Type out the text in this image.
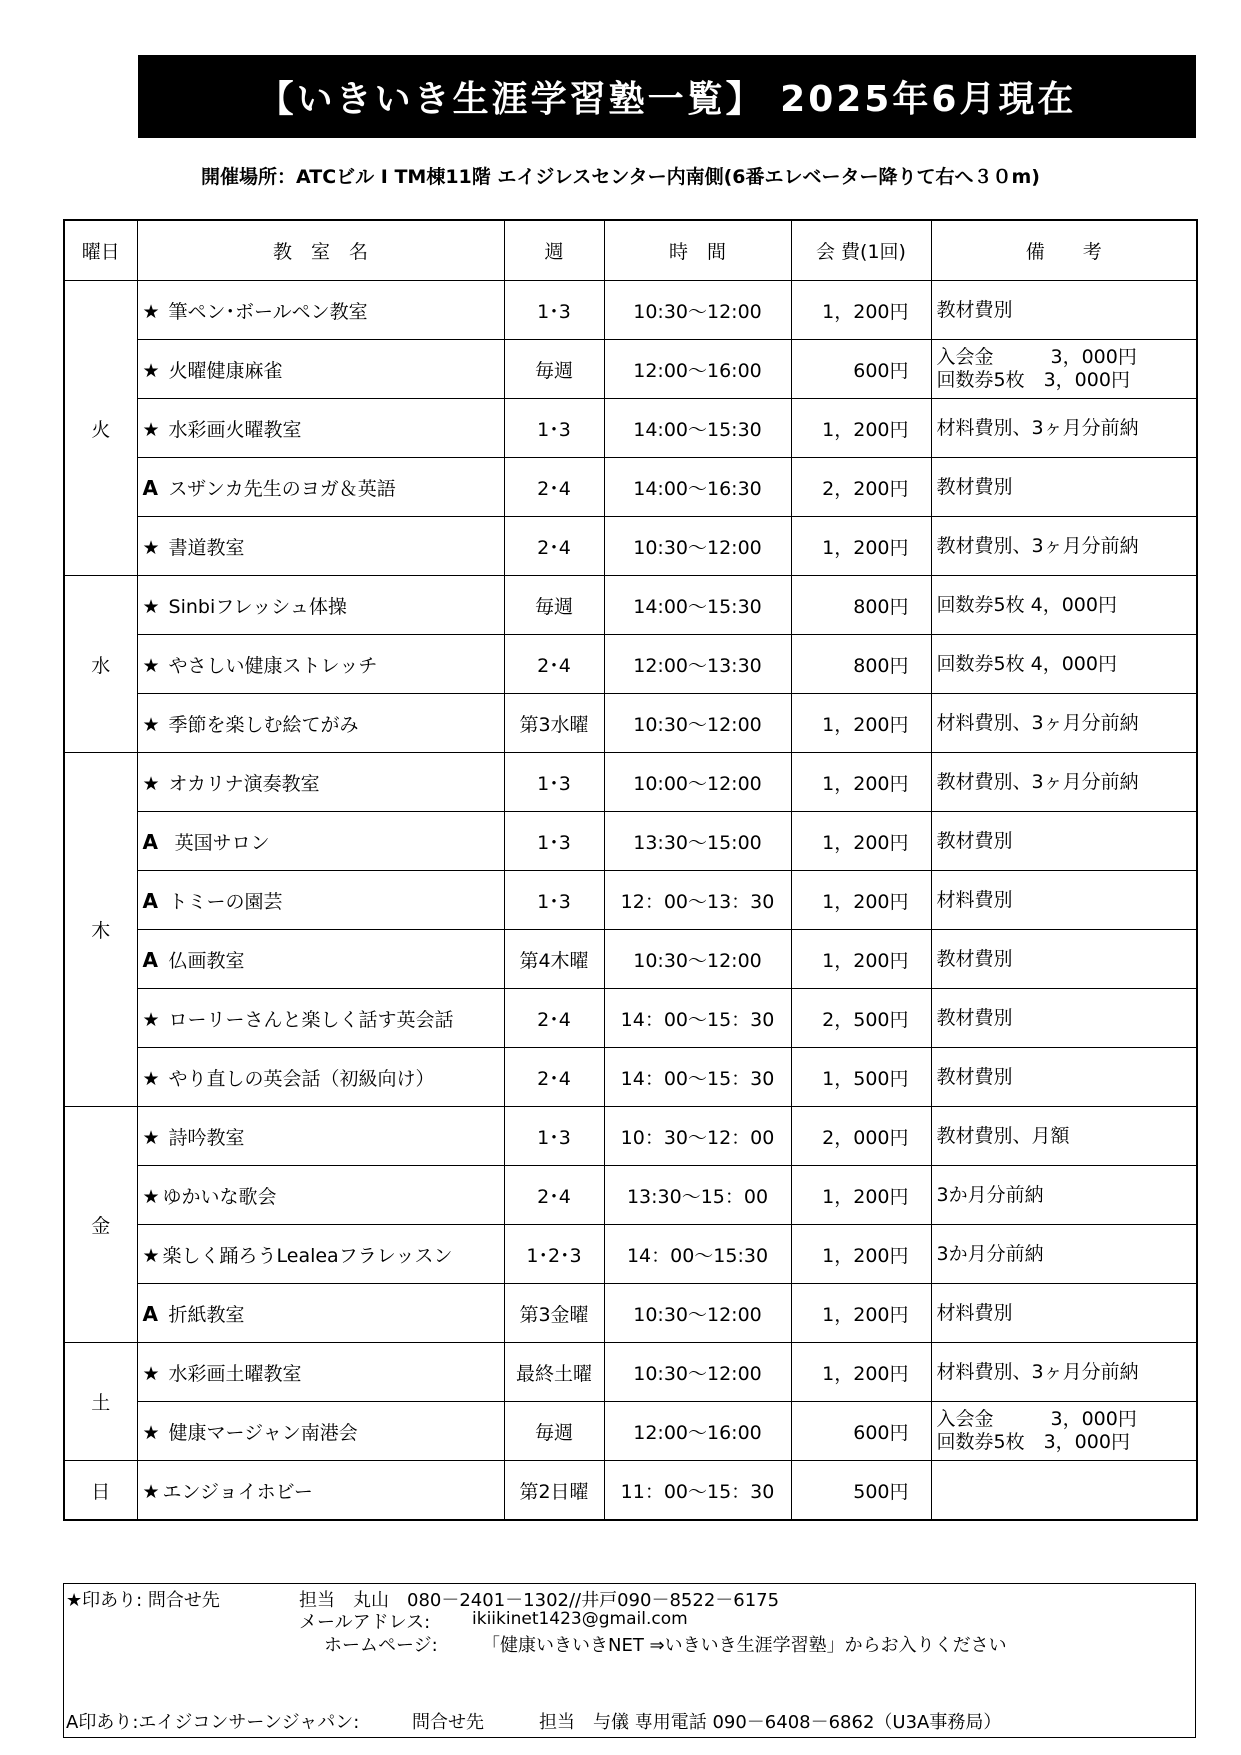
【いきいき生涯学習塾一覧】 2025年6月現在
開催場所：ATCビル I TM棟11階 エイジレスセンター内南側(6番エレベーター降りて右へ３０m)
曜日	教　室　名	週	時　間	会 費(1回)	備　　考
火	★ 筆ペン･ボールペン教室	1･3	10:30～12:00	1，200円	教材費別

	★ 火曜健康麻雀	毎週	12:00～16:00	600円	入会金　　　3，000円
回数券5枚　3，000円

	★ 水彩画火曜教室	1･3	14:00～15:30	1，200円	材料費別、3ヶ月分前納

	A スザンカ先生のヨガ＆英語	2･4	14:00～16:30	2，200円	教材費別

	★ 書道教室	2･4	10:30～12:00	1，200円	教材費別、3ヶ月分前納

水	★ Sinbiフレッシュ体操	毎週	14:00～15:30	800円	回数券5枚 4，000円

	★ やさしい健康ストレッチ	2･4	12:00～13:30	800円	回数券5枚 4，000円

	★ 季節を楽しむ絵てがみ	第3水曜	10:30～12:00	1，200円	材料費別、3ヶ月分前納

木	★ オカリナ演奏教室	1･3	10:00～12:00	1，200円	教材費別、3ヶ月分前納

	A  英国サロン	1･3	13:30～15:00	1，200円	教材費別

	A トミーの園芸	1･3	12：00～13：30	1，200円	材料費別

	A 仏画教室	第4木曜	10:30～12:00	1，200円	教材費別

	★ ローリーさんと楽しく話す英会話	2･4	14：00～15：30	2，500円	教材費別

	★ やり直しの英会話（初級向け）	2･4	14：00～15：30	1，500円	教材費別

金	★ 詩吟教室	1･3	10：30～12：00	2，000円	教材費別、月額

	★ ゆかいな歌会	2･4	13:30～15：00	1，200円	3か月分前納

	★ 楽しく踊ろうLealeaフラレッスン	1･2･3	14：00～15:30	1，200円	3か月分前納

	A 折紙教室	第3金曜	10:30～12:00	1，200円	材料費別

土	★ 水彩画土曜教室	最終土曜	10:30～12:00	1，200円	材料費別、3ヶ月分前納

	★ 健康マージャン南港会	毎週	12:00～16:00	600円	入会金　　　3，000円
回数券5枚　3，000円

日	★ エンジョイホビー	第2日曜	11：00～15：30	500円	
★印あり: 問合せ先	担当　丸山　080－2401－1302//井戸090－8522－6175
メールアドレス: ikiikinet1423@gmail.com
ホームページ: 「健康いきいきNET ⇒いきいき生涯学習塾」からお入りください
A印あり:エイジコンサーンジャパン:	問合せ先	担当　与儀 専用電話 090－6408－6862（U3A事務局）
